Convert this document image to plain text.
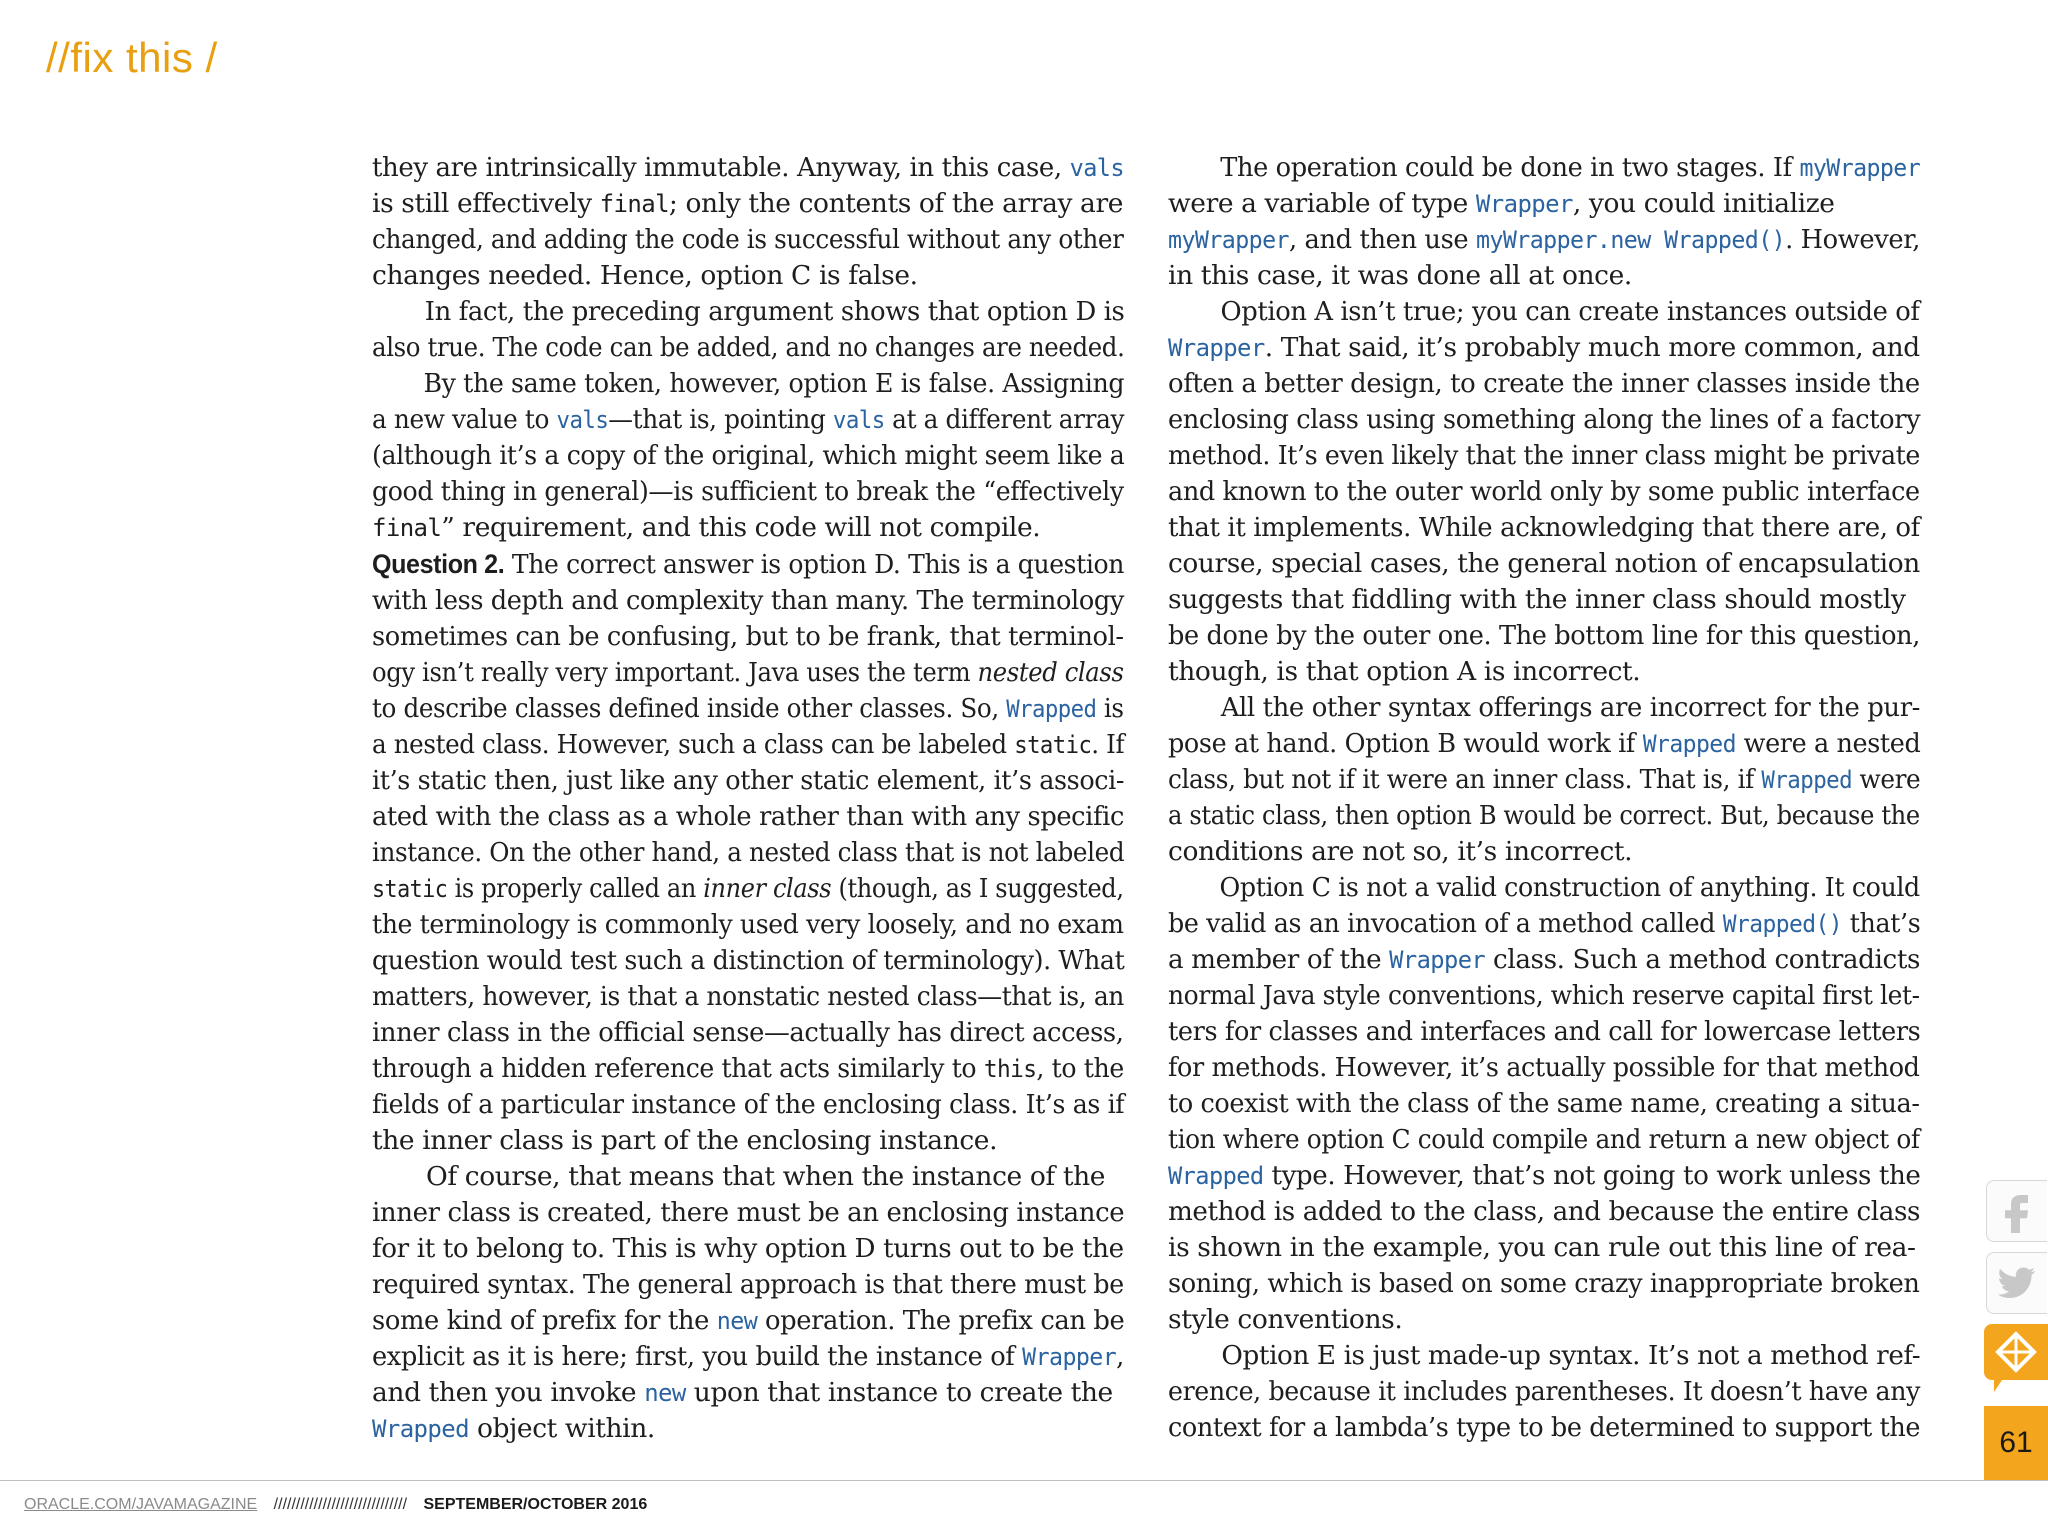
//fix this /

they are intrinsically immutable. Anyway, in this case, vals

is still effectively final; only the contents of the array are

changed, and adding the code is successful without any other

changes needed. Hence, option C is false.

In fact, the preceding argument shows that option D is

also true. The code can be added, and no changes are needed.

By the same token, however, option E is false. Assigning

a new value to vals—that is, pointing vals at a different array

(although it’s a copy of the original, which might seem like a

good thing in general)—is sufficient to break the “effectively

final” requirement, and this code will not compile.

Question 2. The correct answer is option D. This is a question

with less depth and complexity than many. The terminology

sometimes can be confusing, but to be frank, that terminol-

ogy isn’t really very important. Java uses the term nested class

to describe classes defined inside other classes. So, Wrapped is

a nested class. However, such a class can be labeled static. If

it’s static then, just like any other static element, it’s associ-

ated with the class as a whole rather than with any specific

instance. On the other hand, a nested class that is not labeled

static is properly called an inner class (though, as I suggested,

the terminology is commonly used very loosely, and no exam

question would test such a distinction of terminology). What

matters, however, is that a nonstatic nested class—that is, an

inner class in the official sense—actually has direct access,

through a hidden reference that acts similarly to this, to the

fields of a particular instance of the enclosing class. It’s as if

the inner class is part of the enclosing instance.

Of course, that means that when the instance of the

inner class is created, there must be an enclosing instance

for it to belong to. This is why option D turns out to be the

required syntax. The general approach is that there must be

some kind of prefix for the new operation. The prefix can be

explicit as it is here; first, you build the instance of Wrapper,

and then you invoke new upon that instance to create the

Wrapped object within.

The operation could be done in two stages. If myWrapper

were a variable of type Wrapper, you could initialize

myWrapper, and then use myWrapper.new Wrapped(). However,

in this case, it was done all at once.

Option A isn’t true; you can create instances outside of

Wrapper. That said, it’s probably much more common, and

often a better design, to create the inner classes inside the

enclosing class using something along the lines of a factory

method. It’s even likely that the inner class might be private

and known to the outer world only by some public interface

that it implements. While acknowledging that there are, of

course, special cases, the general notion of encapsulation

suggests that fiddling with the inner class should mostly

be done by the outer one. The bottom line for this question,

though, is that option A is incorrect.

All the other syntax offerings are incorrect for the pur-

pose at hand. Option B would work if Wrapped were a nested

class, but not if it were an inner class. That is, if Wrapped were

a static class, then option B would be correct. But, because the

conditions are not so, it’s incorrect.

Option C is not a valid construction of anything. It could

be valid as an invocation of a method called Wrapped() that’s

a member of the Wrapper class. Such a method contradicts

normal Java style conventions, which reserve capital first let-

ters for classes and interfaces and call for lowercase letters

for methods. However, it’s actually possible for that method

to coexist with the class of the same name, creating a situa-

tion where option C could compile and return a new object of

Wrapped type. However, that’s not going to work unless the

method is added to the class, and because the entire class

is shown in the example, you can rule out this line of rea-

soning, which is based on some crazy inappropriate broken

style conventions.

Option E is just made-up syntax. It’s not a method ref-

erence, because it includes parentheses. It doesn’t have any

context for a lambda’s type to be determined to support the

ORACLE.COM/JAVAMAGAZINE ////////////////////////////// SEPTEMBER/OCTOBER 2016
61
